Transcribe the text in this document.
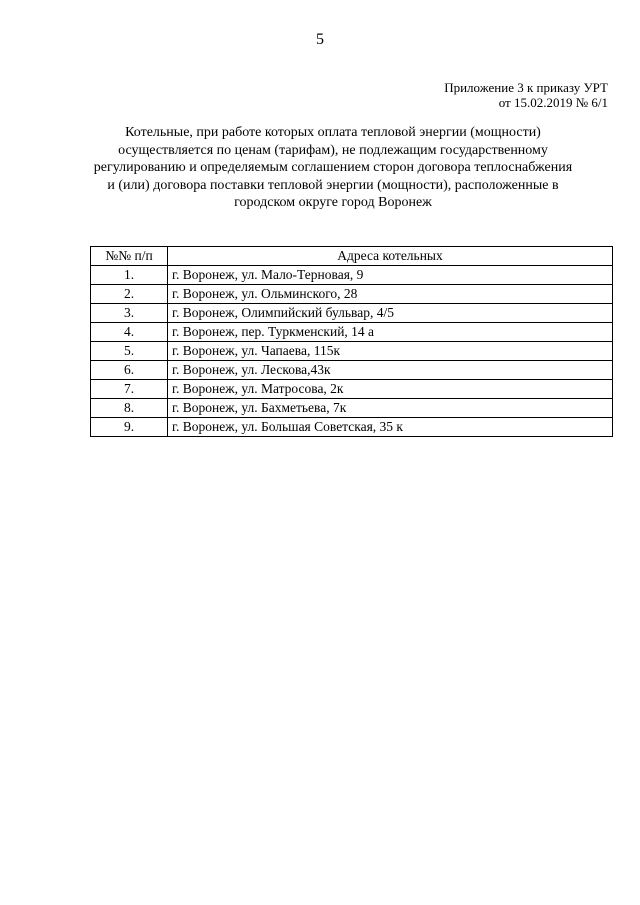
5
Приложение 3 к приказу УРТ
от 15.02.2019 № 6/1
Котельные, при работе которых оплата тепловой энергии (мощности)
осуществляется по ценам (тарифам), не подлежащим государственному
регулированию и определяемым соглашением сторон договора теплоснабжения
и (или) договора поставки тепловой энергии (мощности), расположенные в
городском округе город Воронеж
№№ п/п	Адреса котельных
1.	г. Воронеж, ул. Мало-Терновая, 9
2.	г. Воронеж, ул. Ольминского, 28
3.	г. Воронеж, Олимпийский бульвар, 4/5
4.	г. Воронеж, пер. Туркменский, 14 а
5.	г. Воронеж, ул. Чапаева, 115к
6.	г. Воронеж, ул. Лескова,43к
7.	г. Воронеж, ул. Матросова, 2к
8.	г. Воронеж, ул. Бахметьева, 7к
9.	г. Воронеж, ул. Большая Советская, 35 к
